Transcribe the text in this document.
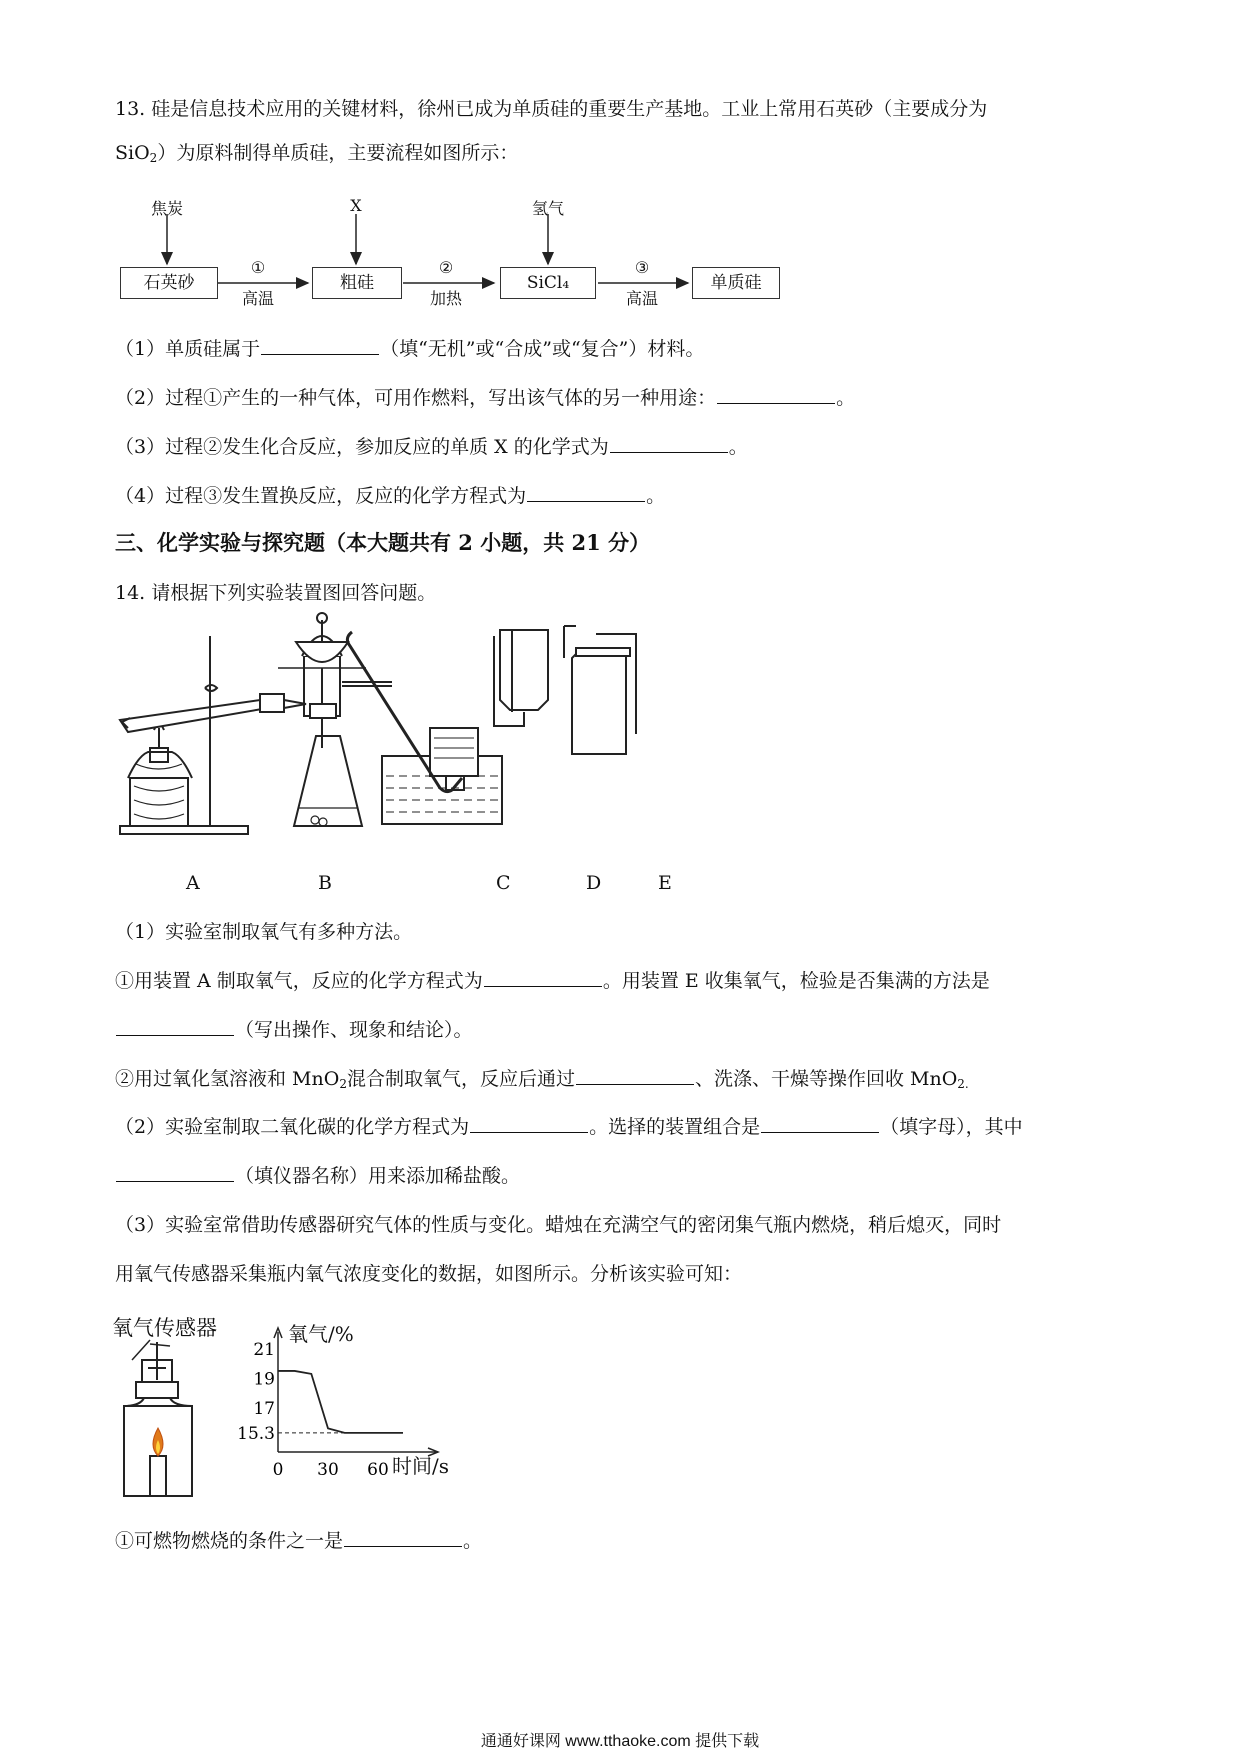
13. 硅是信息技术应用的关键材料，徐州已成为单质硅的重要生产基地。工业上常用石英砂（主要成分为
SiO$_2$）为原料制得单质硅，主要流程如图所示：
焦炭	X	氢气
石英砂	粗硅	SiCl₄	单质硅
①
高温
②
加热
③
高温
（1）单质硅属于	（填“无机”或“合成”或“复合”）材料。
（2）过程①产生的一种气体，可用作燃料，写出该气体的另一种用途：	。
（3）过程②发生化合反应，参加反应的单质 X 的化学式为	。
（4）过程③发生置换反应，反应的化学方程式为	。
三、化学实验与探究题（本大题共有 2 小题，共 21 分）
14. 请根据下列实验装置图回答问题。
A	B	C	D	E
（1）实验室制取氧气有多种方法。
①用装置 A 制取氧气，反应的化学方程式为	。用装置 E 收集氧气，检验是否集满的方法是
（写出操作、现象和结论）。
②用过氧化氢溶液和 MnO$_2$混合制取氧气，反应后通过	、洗涤、干燥等操作回收 MnO$_{2.}$
（2）实验室制取二氧化碳的化学方程式为	。选择的装置组合是	（填字母），其中
（填仪器名称）用来添加稀盐酸。
（3）实验室常借助传感器研究气体的性质与变化。蜡烛在充满空气的密闭集气瓶内燃烧，稍后熄灭，同时
用氧气传感器采集瓶内氧气浓度变化的数据，如图所示。分析该实验可知：
氧气传感器
21
19
17
15.3
0 30 60
氧气/%
时间/s
①可燃物燃烧的条件之一是	。
通通好课网 www.tthaoke.com 提供下载
